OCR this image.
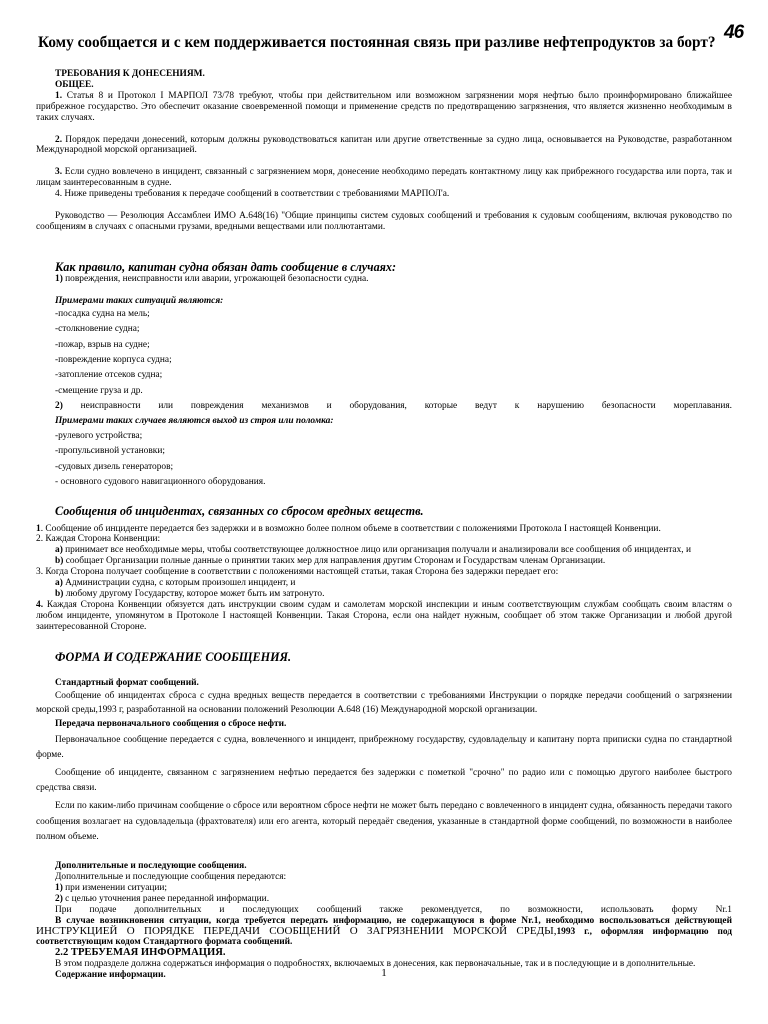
46
Кому сообщается и с кем поддерживается постоянная связь при разливе нефтепродуктов за борт?
ТРЕБОВАНИЯ К ДОНЕСЕНИЯМ.
ОБЩЕЕ.
1. Статья 8 и Протокол I МАРПОЛ 73/78 требуют, чтобы при действительном или возможном загрязнении моря нефтью было проинформировано ближайшее прибрежное государство. Это обеспечит оказание своевременной помощи и применение средств по предотвращению загрязнения, что является жизненно необходимым в таких случаях.
2. Порядок передачи донесений, которым должны руководствоваться капитан или другие ответственные за судно лица, основывается на Руководстве, разработанном Международной морской организацией.
3. Если судно вовлечено в инцидент, связанный с загрязнением моря, донесение необходимо передать контактному лицу как прибрежного государства или порта, так и лицам заинтересованным в судне.
4. Ниже приведены требования к передаче сообщений в соответствии с требованиями МАРПОЛ'а.
Руководство — Резолюция Ассамблеи ИМО А.648(16) "Общие принципы систем судовых сообщений и требования к судовым сообщениям, включая руководство по сообщениям в случаях с опасными грузами, вредными веществами или поллютантами.
Как правило, капитан судна обязан дать сообщение в случаях:
1) повреждения, неисправности или аварии, угрожающей безопасности судна.
Примерами таких ситуаций являются:
-посадка судна на мель;
-столкновение судна;
-пожар, взрыв на судне;
-повреждение корпуса судна;
-затопление отсеков судна;
-смещение груза и др.
2) неисправности или повреждения механизмов и оборудования, которые ведут к нарушению безопасности мореплавания.
Примерами таких случаев являются выход из строя или поломка:
-рулевого устройства;
-пропульсивной установки;
-судовых дизель генераторов;
- основного судового навигационного оборудования.
Сообщения об инцидентах, связанных со сбросом вредных веществ.
1. Сообщение об инциденте передается без задержки и в возможно более полном объеме в соответствии с положениями Протокола I настоящей Конвенции.
2. Каждая Сторона Конвенции:
a) принимает все необходимые меры, чтобы соответствующее должностное лицо или организация получали и анализировали все сообщения об инцидентах, и
b) сообщает Организации полные данные о принятии таких мер для направления другим Сторонам и Государствам членам Организации.
3. Когда Сторона получает сообщение в соответствии с положениями настоящей статьи, такая Сторона без задержки передает его:
a) Администрации судна, с которым произошел инцидент, и
b) любому другому Государству, которое может быть им затронуто.
4. Каждая Сторона Конвенции обязуется дать инструкции своим судам и самолетам морской инспекции и иным соответствующим службам сообщать своим властям о любом инциденте, упомянутом в Протоколе I настоящей Конвенции. Такая Сторона, если она найдет нужным, сообщает об этом также Организации и любой другой заинтересованной Стороне.
ФОРМА И СОДЕРЖАНИЕ СООБЩЕНИЯ.
Стандартный формат сообщений.
Сообщение об инцидентах сброса с судна вредных веществ передается в соответствии с требованиями Инструкции о порядке передачи сообщений о загрязнении морской среды,1993 г, разработанной на основании положений Резолюции А.648 (16) Международной морской организации.
Передача первоначального сообщения о сбросе нефти.
Первоначальное сообщение передается с судна, вовлеченного и инцидент, прибрежному государству, судовладельцу и капитану порта приписки судна по стандартной форме.
Сообщение об инциденте, связанном с загрязнением нефтью передается без задержки с пометкой "срочно" по радио или с помощью другого наиболее быстрого средства связи.
Если по каким-либо причинам сообщение о сбросе или вероятном сбросе нефти не может быть передано с вовлеченного в инцидент судна, обязанность передачи такого сообщения возлагает на судовладельца (фрахтователя) или его агента, который передаёт сведения, указанные в стандартной форме сообщений, по возможности в наиболее полном объеме.
Дополнительные и последующие сообщения.
Дополнительные и последующие сообщения передаются:
1) при изменении ситуации;
2) с целью уточнения ранее переданной информации.
При подаче дополнительных и последующих сообщений также рекомендуется, по возможности, использовать форму Nr.1
В случае возникновения ситуации, когда требуется передать информацию, не содержащуюся в форме Nr.1, необходимо воспользоваться действующей ИНСТРУКЦИЕЙ О ПОРЯДКЕ ПЕРЕДАЧИ СООБЩЕНИЙ О ЗАГРЯЗНЕНИИ МОРСКОЙ СРЕДЫ,1993 г., оформляя информацию под соответствующим кодом Стандартного формата сообщений.
2.2 ТРЕБУЕМАЯ ИНФОРМАЦИЯ.
В этом подразделе должна содержаться информация о подробностях, включаемых в донесения, как первоначальные, так и в последующие и в дополнительные.
Содержание информации.	1
